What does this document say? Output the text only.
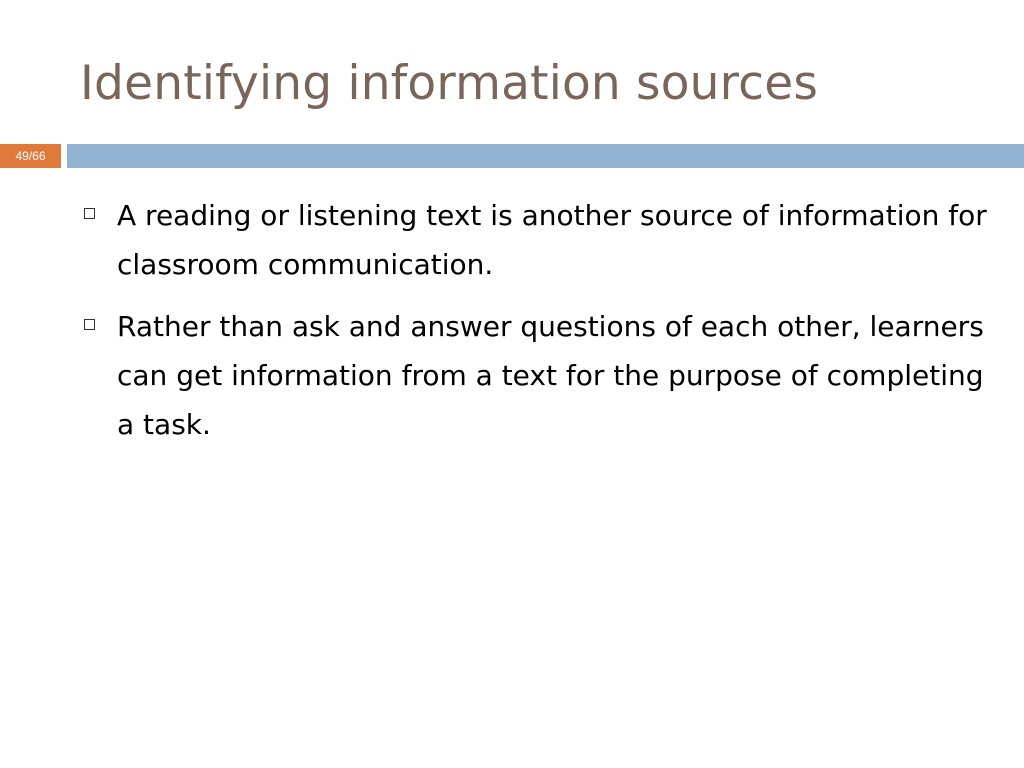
Identifying information sources
49/66
A reading or listening text is another source of information for classroom communication.
Rather than ask and answer questions of each other, learners can get information from a text for the purpose of completing a task.
